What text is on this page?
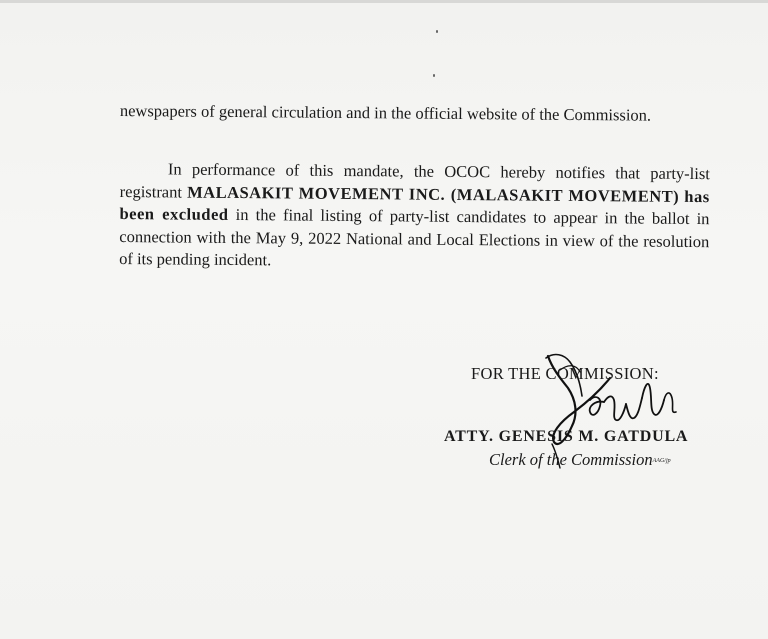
newspapers of general circulation and in the official website of the Commission.

In performance of this mandate, the OCOC hereby notifies that party-list registrant MALASAKIT MOVEMENT INC. (MALASAKIT MOVEMENT) has been excluded in the final listing of party-list candidates to appear in the ballot in connection with the May 9, 2022 National and Local Elections in view of the resolution of its pending incident.

FOR THE COMMISSION:
ATTY. GENESIS M. GATDULA
Clerk of the CommissionAAG/jp
